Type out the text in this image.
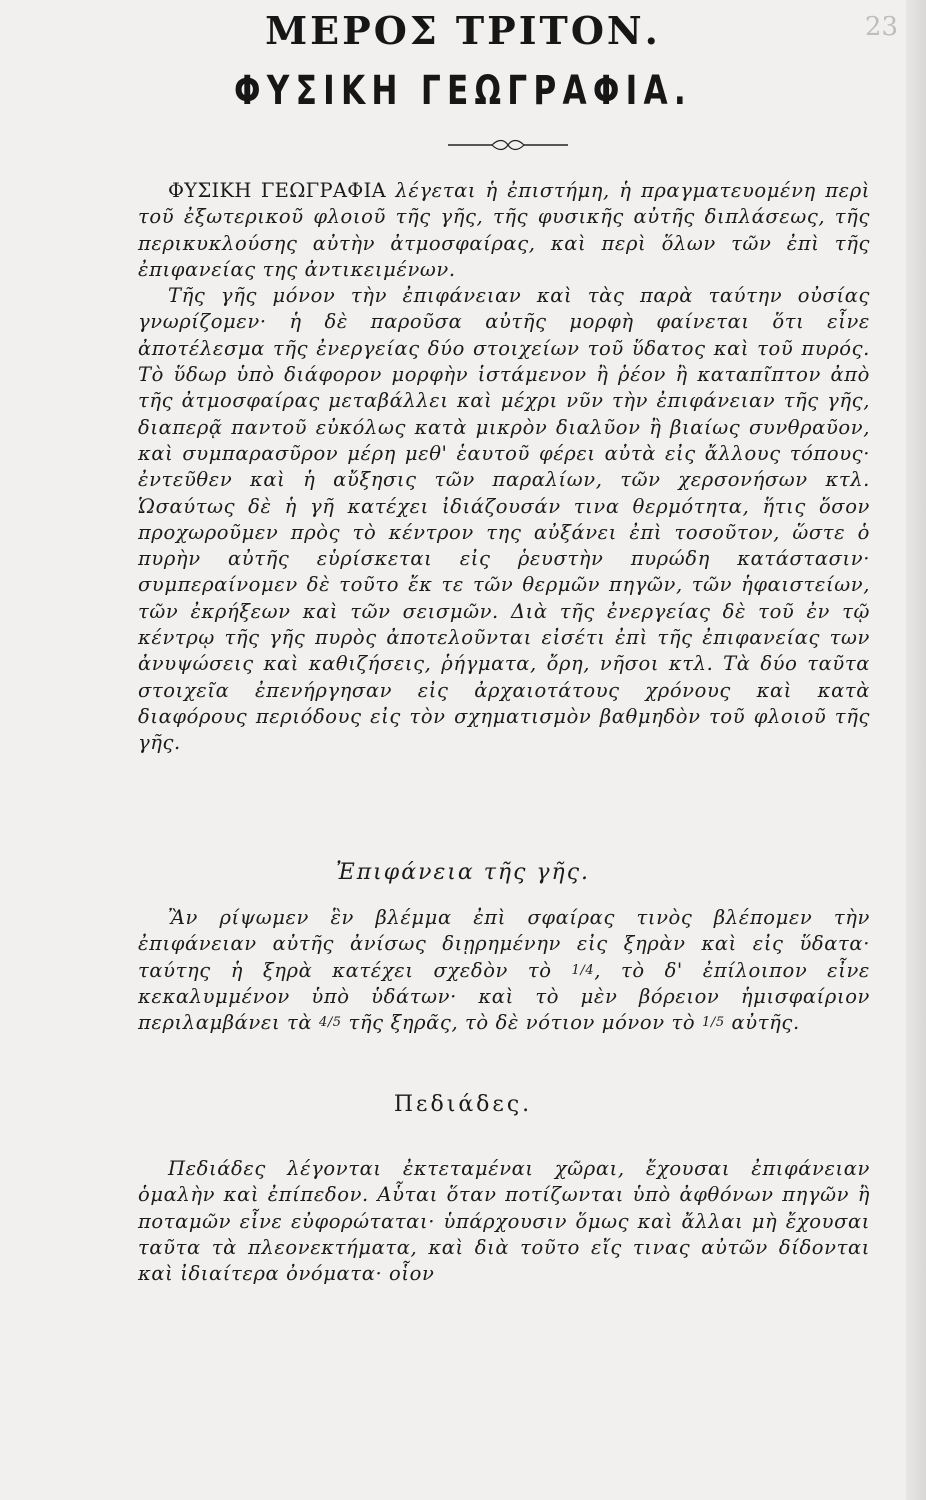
23
ΜΕΡΟΣ ΤΡΙΤΟΝ.
ΦΥΣΙΚΗ ΓΕΩΓΡΑΦΙΑ.

ΦΥΣΙΚΗ ΓΕΩΓΡΑΦΙΑ λέγεται ἡ ἐπιστήμη, ἡ πραγματευομένη περὶ τοῦ ἐξωτερικοῦ φλοιοῦ τῆς γῆς, τῆς φυσικῆς αὐτῆς διπλάσεως, τῆς περικυκλούσης αὐτὴν ἀτμοσφαίρας, καὶ περὶ ὅλων τῶν ἐπὶ τῆς ἐπιφανείας της ἀντικειμένων.

Τῆς γῆς μόνον τὴν ἐπιφάνειαν καὶ τὰς παρὰ ταύτην οὐσίας γνωρίζομεν· ἡ δὲ παροῦσα αὐτῆς μορφὴ φαίνεται ὅτι εἶνε ἀποτέλεσμα τῆς ἐνεργείας δύο στοιχείων τοῦ ὕδατος καὶ τοῦ πυρός. Τὸ ὕδωρ ὑπὸ διάφορον μορφὴν ἱστάμενον ἢ ῥέον ἢ καταπῖπτον ἀπὸ τῆς ἀτμοσφαίρας μεταβάλλει καὶ μέχρι νῦν τὴν ἐπιφάνειαν τῆς γῆς, διαπερᾷ παντοῦ εὐκόλως κατὰ μικρὸν διαλῦον ἢ βιαίως συνθραῦον, καὶ συμπαρασῦρον μέρη μεθ' ἑαυτοῦ φέρει αὐτὰ εἰς ἄλλους τόπους· ἐντεῦθεν καὶ ἡ αὔξησις τῶν παραλίων, τῶν χερσονήσων κτλ. Ὡσαύτως δὲ ἡ γῆ κατέχει ἰδιάζουσάν τινα θερμότητα, ἥτις ὅσον προχωροῦμεν πρὸς τὸ κέντρον της αὐξάνει ἐπὶ τοσοῦτον, ὥστε ὁ πυρὴν αὐτῆς εὑρίσκεται εἰς ῥευστὴν πυρώδη κατάστασιν· συμπεραίνομεν δὲ τοῦτο ἔκ τε τῶν θερμῶν πηγῶν, τῶν ἡφαιστείων, τῶν ἐκρήξεων καὶ τῶν σεισμῶν. Διὰ τῆς ἐνεργείας δὲ τοῦ ἐν τῷ κέντρῳ τῆς γῆς πυρὸς ἀποτελοῦνται εἰσέτι ἐπὶ τῆς ἐπιφανείας των ἀνυψώσεις καὶ καθιζήσεις, ῥήγματα, ὄρη, νῆσοι κτλ. Τὰ δύο ταῦτα στοιχεῖα ἐπενήργησαν εἰς ἀρχαιοτάτους χρόνους καὶ κατὰ διαφόρους περιόδους εἰς τὸν σχηματισμὸν βαθμηδὸν τοῦ φλοιοῦ τῆς γῆς.

Ἐπιφάνεια τῆς γῆς.

Ἂν ρίψωμεν ἓν βλέμμα ἐπὶ σφαίρας τινὸς βλέπομεν τὴν ἐπιφάνειαν αὐτῆς ἀνίσως διῃρημένην εἰς ξηρὰν καὶ εἰς ὕδατα· ταύτης ἡ ξηρὰ κατέχει σχεδὸν τὸ 1/4, τὸ δ' ἐπίλοιπον εἶνε κεκαλυμμένον ὑπὸ ὑδάτων· καὶ τὸ μὲν βόρειον ἡμισφαίριον περιλαμβάνει τὰ 4/5 τῆς ξηρᾶς, τὸ δὲ νότιον μόνον τὸ 1/5 αὐτῆς.

Πεδιάδες.

Πεδιάδες λέγονται ἐκτεταμέναι χῶραι, ἔχουσαι ἐπιφάνειαν ὁμαλὴν καὶ ἐπίπεδον. Αὗται ὅταν ποτίζωνται ὑπὸ ἀφθόνων πηγῶν ἢ ποταμῶν εἶνε εὐφορώταται· ὑπάρχουσιν ὅμως καὶ ἄλλαι μὴ ἔχουσαι ταῦτα τὰ πλεονεκτήματα, καὶ διὰ τοῦτο εἴς τινας αὐτῶν δίδονται καὶ ἰδιαίτερα ὀνόματα· οἷον
